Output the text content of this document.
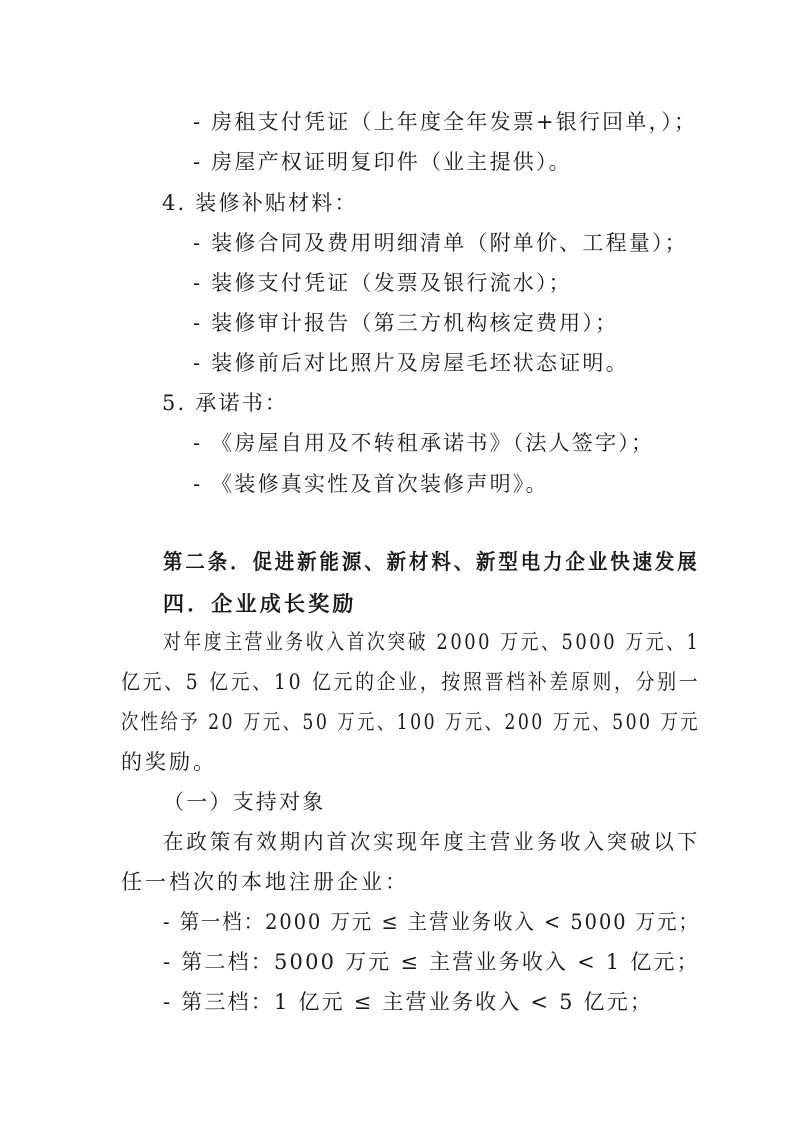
- 房租支付凭证（上年度全年发票+银行回单，）；
- 房屋产权证明复印件（业主提供）。
4. 装修补贴材料：
- 装修合同及费用明细清单（附单价、工程量）；
- 装修支付凭证（发票及银行流水）；
- 装修审计报告（第三方机构核定费用）；
- 装修前后对比照片及房屋毛坯状态证明。
5. 承诺书：
- 《房屋自用及不转租承诺书》（法人签字）；
- 《装修真实性及首次装修声明》。
第二条．促进新能源、新材料、新型电力企业快速发展
四．企业成长奖励
对年度主营业务收入首次突破 2000 万元、5000 万元、1
亿元、5 亿元、10 亿元的企业，按照晋档补差原则，分别一
次性给予 20 万元、50 万元、100 万元、200 万元、500 万元
的奖励。
（一）支持对象
在政策有效期内首次实现年度主营业务收入突破以下
任一档次的本地注册企业：
- 第一档：2000 万元 ≤ 主营业务收入 < 5000 万元；
- 第二档：5000 万元 ≤ 主营业务收入 < 1 亿元；
- 第三档：1 亿元 ≤ 主营业务收入 < 5 亿元；
